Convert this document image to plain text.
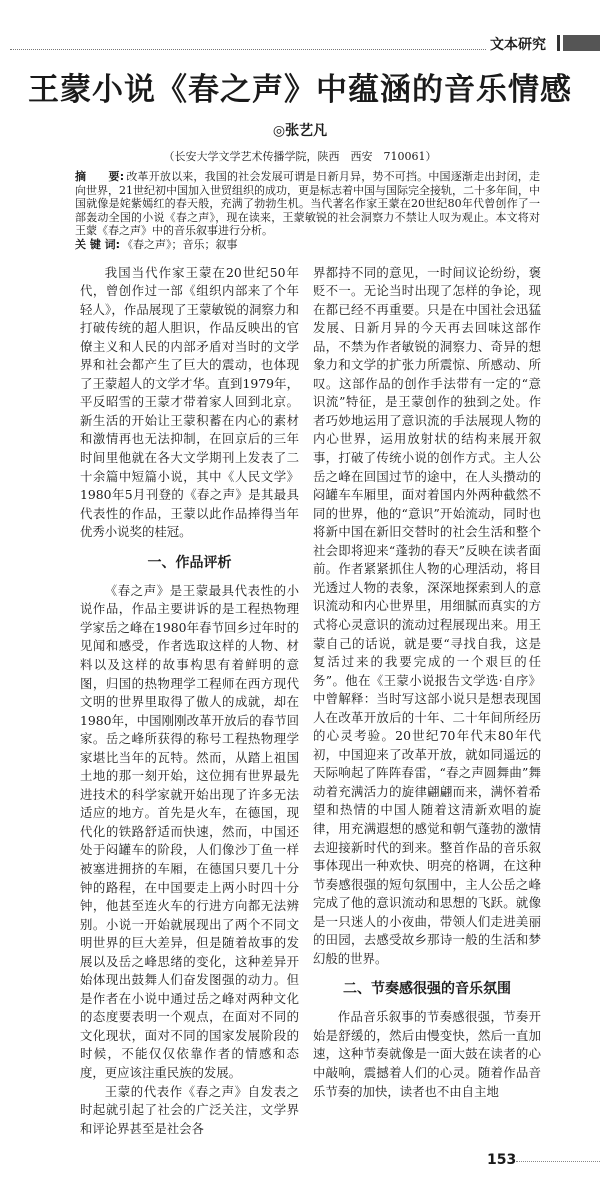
文本研究
王蒙小说《春之声》中蕴涵的音乐情感
◎张艺凡
（长安大学文学艺术传播学院，陕西　西安　710061）
摘　　要: 改革开放以来，我国的社会发展可谓是日新月异，势不可挡。中国逐渐走出封闭，走向世界，21世纪初中国加入世贸组织的成功，更是标志着中国与国际完全接轨，二十多年间，中国就像是姹紫嫣红的春天般，充满了勃勃生机。当代著名作家王蒙在20世纪80年代曾创作了一部轰动全国的小说《春之声》，现在读来，王蒙敏锐的社会洞察力不禁让人叹为观止。本文将对王蒙《春之声》中的音乐叙事进行分析。
关 键 词: 《春之声》；音乐；叙事

我国当代作家王蒙在20世纪50年代，曾创作过一部《组织内部来了个年轻人》，作品展现了王蒙敏锐的洞察力和打破传统的超人胆识，作品反映出的官僚主义和人民的内部矛盾对当时的文学界和社会都产生了巨大的震动，也体现了王蒙超人的文学才华。直到1979年，平反昭雪的王蒙才带着家人回到北京。新生活的开始让王蒙积蓄在内心的素材和激情再也无法抑制，在回京后的三年时间里他就在各大文学期刊上发表了二十余篇中短篇小说，其中《人民文学》1980年5月刊登的《春之声》是其最具代表性的作品，王蒙以此作品捧得当年优秀小说奖的桂冠。

一、作品评析

《春之声》是王蒙最具代表性的小说作品，作品主要讲诉的是工程热物理学家岳之峰在1980年春节回乡过年时的见闻和感受，作者选取这样的人物、材料以及这样的故事构思有着鲜明的意图，归国的热物理学工程师在西方现代文明的世界里取得了傲人的成就，却在1980年，中国刚刚改革开放后的春节回家。岳之峰所获得的称号工程热物理学家堪比当年的瓦特。然而，从踏上祖国土地的那一刻开始，这位拥有世界最先进技术的科学家就开始出现了许多无法适应的地方。首先是火车，在德国，现代化的铁路舒适而快速，然而，中国还处于闷罐车的阶段，人们像沙丁鱼一样被塞进拥挤的车厢，在德国只要几十分钟的路程，在中国要走上两小时四十分钟，他甚至连火车的行进方向都无法辨别。小说一开始就展现出了两个不同文明世界的巨大差异，但是随着故事的发展以及岳之峰思绪的变化，这种差异开始体现出鼓舞人们奋发图强的动力。但是作者在小说中通过岳之峰对两种文化的态度要表明一个观点，在面对不同的文化现状，面对不同的国家发展阶段的时候，不能仅仅依靠作者的情感和态度，更应该注重民族的发展。

王蒙的代表作《春之声》自发表之时起就引起了社会的广泛关注，文学界和评论界甚至是社会各

界都持不同的意见，一时间议论纷纷，褒贬不一。无论当时出现了怎样的争论，现在都已经不再重要。只是在中国社会迅猛发展、日新月异的今天再去回味这部作品，不禁为作者敏锐的洞察力、奇异的想象力和文学的扩张力所震惊、所感动、所叹。这部作品的创作手法带有一定的“意识流”特征，是王蒙创作的独到之处。作者巧妙地运用了意识流的手法展现人物的内心世界，运用放射状的结构来展开叙事，打破了传统小说的创作方式。主人公岳之峰在回国过节的途中，在人头攒动的闷罐车车厢里，面对着国内外两种截然不同的世界，他的“意识”开始流动，同时也将新中国在新旧交替时的社会生活和整个社会即将迎来“蓬勃的春天”反映在读者面前。作者紧紧抓住人物的心理活动，将目光透过人物的表象，深深地探索到人的意识流动和内心世界里，用细腻而真实的方式将心灵意识的流动过程展现出来。用王蒙自己的话说，就是要“寻找自我，这是复活过来的我要完成的一个艰巨的任务”。他在《王蒙小说报告文学选·自序》中曾解释：当时写这部小说只是想表现国人在改革开放后的十年、二十年间所经历的心灵考验。20世纪70年代末80年代初，中国迎来了改革开放，就如同遥远的天际响起了阵阵春雷，“春之声圆舞曲”舞动着充满活力的旋律翩翩而来，满怀着希望和热情的中国人随着这清新欢唱的旋律，用充满遐想的感觉和朝气蓬勃的激情去迎接新时代的到来。整首作品的音乐叙事体现出一种欢快、明亮的格调，在这种节奏感很强的短句氛围中，主人公岳之峰完成了他的意识流动和思想的飞跃。就像是一只迷人的小夜曲，带领人们走进美丽的田园，去感受故乡那诗一般的生活和梦幻般的世界。

二、节奏感很强的音乐氛围

作品音乐叙事的节奏感很强，节奏开始是舒缓的，然后由慢变快，然后一直加速，这种节奏就像是一面大鼓在读者的心中敲响，震撼着人们的心灵。随着作品音乐节奏的加快，读者也不由自主地

153
